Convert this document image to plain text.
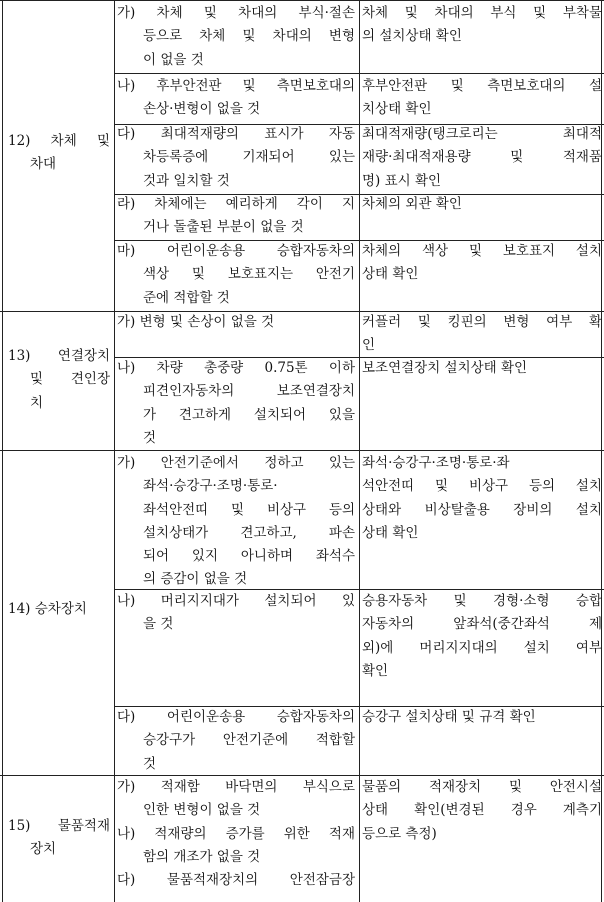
12) 차체 및
차대
가) 차체 및 차대의 부식·절손
등으로 차체 및 차대의 변형
이 없을 것
차체 및 차대의 부식 및 부착물
의 설치상태 확인
나) 후부안전판 및 측면보호대의
손상·변형이 없을 것
후부안전판 및 측면보호대의 설
치상태 확인
다) 최대적재량의 표시가 자동
차등록증에 기재되어 있는
것과 일치할 것
최대적재량(탱크로리는 최대적
재량·최대적재용량 및 적재품
명) 표시 확인
라) 차체에는 예리하게 각이 지
거나 돌출된 부분이 없을 것
차체의 외관 확인
마) 어린이운송용 승합자동차의
색상 및 보호표지는 안전기
준에 적합할 것
차체의 색상 및 보호표지 설치
상태 확인
13) 연결장치
및 견인장
치
가) 변형 및 손상이 없을 것	커플러 및 킹핀의 변형 여부 확
인
나) 차량 총중량 0.75톤 이하
피견인자동차의 보조연결장치
가 견고하게 설치되어 있을
것
보조연결장치 설치상태 확인
14) 승차장치
가) 안전기준에서 정하고 있는
좌석·승강구·조명·통로·
좌석안전띠 및 비상구 등의
설치상태가 견고하고, 파손
되어 있지 아니하며 좌석수
의 증감이 없을 것
좌석·승강구·조명·통로·좌
석안전띠 및 비상구 등의 설치
상태와 비상탈출용 장비의 설치
상태 확인
나) 머리지지대가 설치되어 있
을 것
승용자동차 및 경형·소형 승합
자동차의 앞좌석(중간좌석 제
외)에 머리지지대의 설치 여부
확인
다) 어린이운송용 승합자동차의
승강구가 안전기준에 적합할
것
승강구 설치상태 및 규격 확인
15) 물품적재
장치
가) 적재함 바닥면의 부식으로
인한 변형이 없을 것
나) 적재량의 증가를 위한 적재
함의 개조가 없을 것
다) 물품적재장치의 안전잠금장
물품의 적재장치 및 안전시설
상태 확인(변경된 경우 계측기
등으로 측정)
